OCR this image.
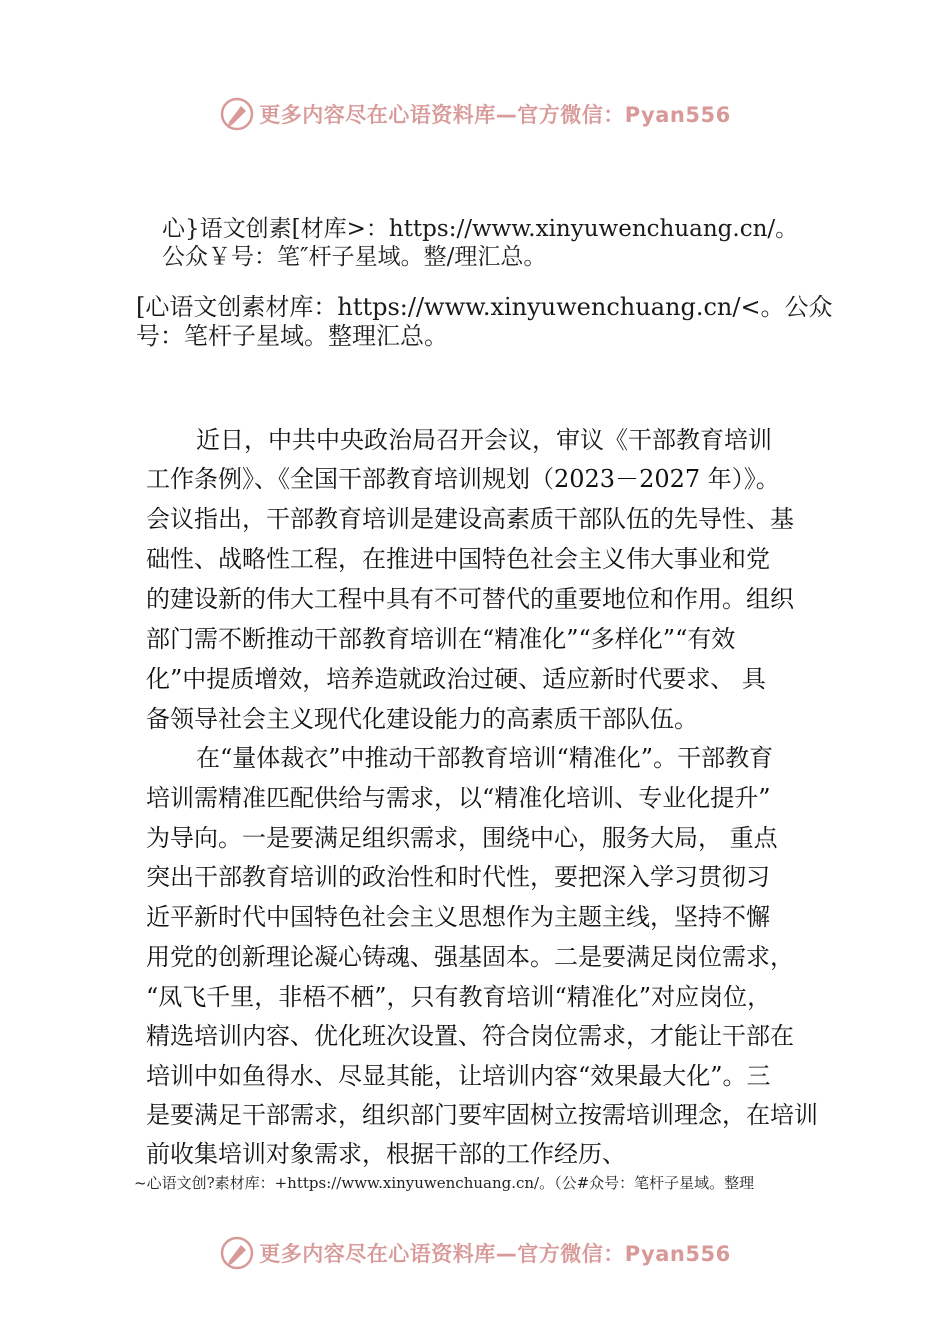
更多内容尽在心语资料库—官方微信：Pyan556
心}语文创素[材库>：https://www.xinyuwenchuang.cn/。
公众￥号：笔″杆子星域。整/理汇总。
[心语文创素材库：https://www.xinyuwenchuang.cn/<。公众
号：笔杆子星域。整理汇总。
近日，中共中央政治局召开会议，审议《干部教育培训
工作条例》、《全国干部教育培训规划（2023－2027 年）》。
会议指出，干部教育培训是建设高素质干部队伍的先导性、基
础性、战略性工程，在推进中国特色社会主义伟大事业和党
的建设新的伟大工程中具有不可替代的重要地位和作用。组织
部门需不断推动干部教育培训在“精准化”“多样化”“有效
化”中提质增效，培养造就政治过硬、适应新时代要求、 具
备领导社会主义现代化建设能力的高素质干部队伍。
在“量体裁衣”中推动干部教育培训“精准化”。干部教育
培训需精准匹配供给与需求，以“精准化培训、专业化提升”
为导向。一是要满足组织需求，围绕中心，服务大局， 重点
突出干部教育培训的政治性和时代性，要把深入学习贯彻习
近平新时代中国特色社会主义思想作为主题主线，坚持不懈
用党的创新理论凝心铸魂、强基固本。二是要满足岗位需求，
“凤飞千里，非梧不栖”，只有教育培训“精准化”对应岗位，
精选培训内容、优化班次设置、符合岗位需求，才能让干部在
培训中如鱼得水、尽显其能，让培训内容“效果最大化”。三
是要满足干部需求，组织部门要牢固树立按需培训理念，在培训
前收集培训对象需求，根据干部的工作经历、
~心语文创?素材库：+https://www.xinyuwenchuang.cn/。（公#众号：笔杆子星域。整理
更多内容尽在心语资料库—官方微信：Pyan556
